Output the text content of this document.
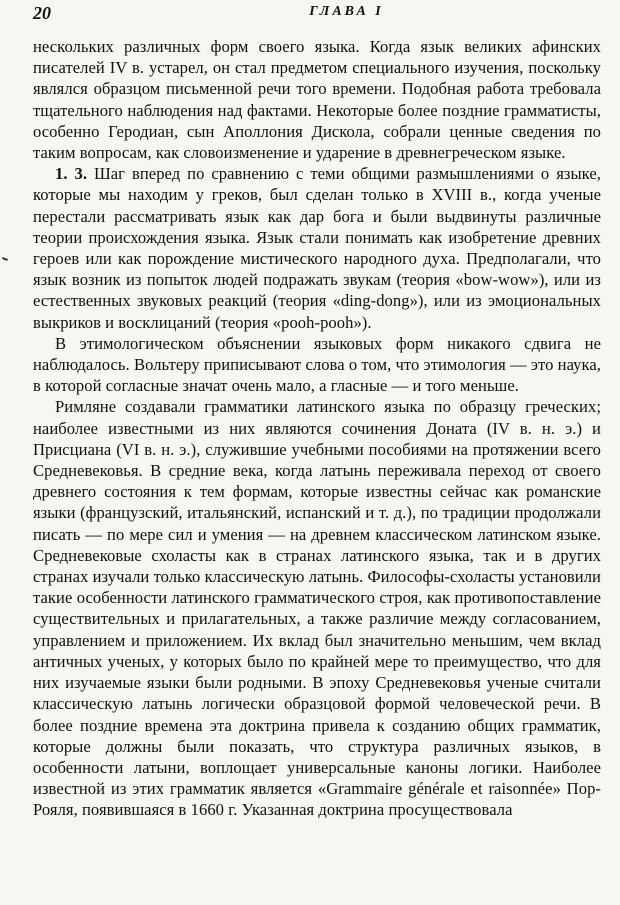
20	ГЛАВА I

нескольких различных форм своего языка. Когда язык великих афинских писателей IV в. устарел, он стал предметом специального изучения, поскольку являлся образцом письменной речи того времени. Подобная работа требовала тщательного наблюдения над фактами. Некоторые более поздние грамматисты, особенно Геродиан, сын Аполлония Дискола, собрали ценные сведения по таким вопросам, как словоизменение и ударение в древнегреческом языке.

1. 3. Шаг вперед по сравнению с теми общими размышлениями о языке, которые мы находим у греков, был сделан только в XVIII в., когда ученые перестали рассматривать язык как дар бога и были выдвинуты различные теории происхождения языка. Язык стали понимать как изобретение древних героев или как порождение мистического народного духа. Предполагали, что язык возник из попыток людей подражать звукам (теория «bow-wow»), или из естественных звуковых реакций (теория «ding-dong»), или из эмоциональных выкриков и восклицаний (теория «pooh-pooh»).

В этимологическом объяснении языковых форм никакого сдвига не наблюдалось. Вольтеру приписывают слова о том, что этимология — это наука, в которой согласные значат очень мало, а гласные — и того меньше.

Римляне создавали грамматики латинского языка по образцу греческих; наиболее известными из них являются сочинения Доната (IV в. н. э.) и Присциана (VI в. н. э.), служившие учебными пособиями на протяжении всего Средневековья. В средние века, когда латынь переживала переход от своего древнего состояния к тем формам, которые известны сейчас как романские языки (французский, итальянский, испанский и т. д.), по традиции продолжали писать — по мере сил и умения — на древнем классическом латинском языке. Средневековые схоласты как в странах латинского языка, так и в других странах изучали только классическую латынь. Философы-схоласты установили такие особенности латинского грамматического строя, как противопоставление существительных и прилагательных, а также различие между согласованием, управлением и приложением. Их вклад был значительно меньшим, чем вклад античных ученых, у которых было по крайней мере то преимущество, что для них изучаемые языки были родными. В эпоху Средневековья ученые считали классическую латынь логически образцовой формой человеческой речи. В более поздние времена эта доктрина привела к созданию общих грамматик, которые должны были показать, что структура различных языков, в особенности латыни, воплощает универсальные каноны логики. Наиболее известной из этих грамматик является «Grammaire générale et raisonnée» Пор-Рояля, появившаяся в 1660 г. Указанная доктрина просуществовала
